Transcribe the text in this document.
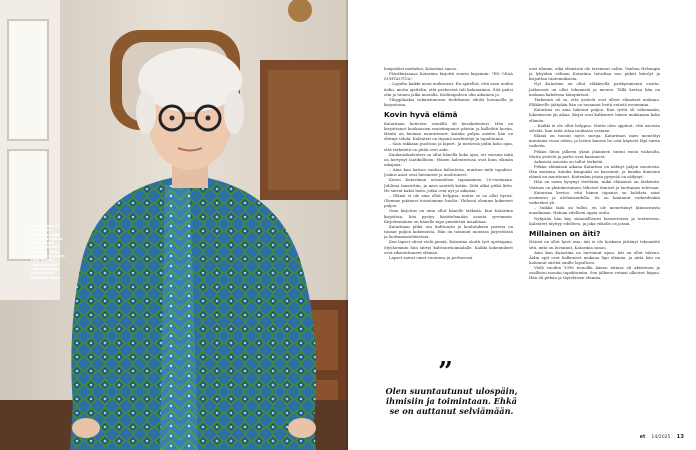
• 1960-luku oli yhdeksän ikävuoden ajan hänellä syrjässä. Syntyi myös minulle tärkeä yhdistys, jossa ajat sukupuolisen tasa-arvon. Yhdistyksessä sain asialliset, vaikuttaa ja sääntöjä tehdä.

lempeäksi mieheksi, Katariina sanoo.

Päiväkirjaansa Katariina kirjoitti suurin kirjaimin: "EN OSAA SUHTAUTUA".

– Lopulta kaikki meni mukavasti. En ajatellut, että saan uuden äidin, mutta ajattelin, että perheestä tuli kokonainen. Sitä paitsi olin jo toinen jalka muualla. Koditaipaleen olin aikuinen jo.

Ylioppilaaksi valmistumisen tiedekunta odotti luennoilla ja kirjastossa.

Kovin hyvä elämä

Katariinan kotiväen seinällä oli kuvakalenteri. Hän on kirjoittanut kuukausien muistiinpanot päiviin ja kalleihin kuviin. Häntä on hieman naurattanut: kuinka paljon asioita hän on ehtinyt tehdä. Kalenteri on täynnä merkintöjä ja tapahtumia.

– Sain rakkaan puolison ja lapset. Ja mielessä pidin koko ajan, että tärkeintä on pitää ovet auki.

Kuukausikalenteri on ollut hänellä koko ajan, eri vuosina niitä on kertynyt laatikollinen. Hänen kalenterinsa ovat kuin elämän aikajana.

– Aina kun katson vanhaa kalenteria, muistan mitä tapahtui. Joskus asiat ovat hävinneet ja unohtuneet.

Kuten Katariinan aviomiehen tapaaminen 20-vuotiaana. Juhlissa tanssittiin, ja mies saatteli kotiin. Siitä alkoi pitkä liitto. He saivat kaksi lasta, jotka ovat nyt jo aikuisia.

– Elämä ei ole aina ollut helppoa, mutta se on ollut hyvää. Olemme pitäneet toisistamme huolta. Yhdessä olemme kokeneet paljon.

Oma kirjoitus on aina ollut hänelle tärkeää. Kun Katariina kirjoittaa, hän pystyy käsittelemään asioita syvemmin. Kirjoittaminen on hänelle tapa ymmärtää maailmaa.

Katariinan pitkä ura kulttuurin ja koulutuksen parissa on tuonut paljon kokemusta. Hän on toiminut monissa järjestöissä ja luottamustehtävissä.

Kun lapset olivat vielä pieniä, Katariina aloitti työt opettajana. Myöhemmin hän siirtyi kulttuuritoimialalle. Kaikki kokemukset ovat rikastuttaneet elämää.

Lapset saivat omat vuorensa ja perheensä.

”
Olen suuntautunut ulospäin, ihmisiin ja toimintaan. Ehkä se on auttanut selviämään.

uusi tilanne, eikä elämässä ole tarvinnut valita. Vanhan Helsingin ja lyhyiden välinen Katariina taivaltaa nuo pitkät kävelyt ja kirjoittaa tuntemuksista.

Nyt Katariina on ollut eläkkeellä parikymmentä vuotta. Jatkuvasti on ollut tekemistä ja menoa. Tällä kertaa hän on mukana kahdessa lukupiirissä.

Tärkeintä oli se, että ystävät ovat olleet elämässä mukana. Eläkkeelle jäätyään hän on tavannut heitä entistä useammin.

Katariina on aina lukenut paljon. Kun työtä oli vähemmän, lukemiseen jäi aikaa. Kirjat ovat kulkeneet hänen mukanaan koko elämän.

– Kaikki ei ole ollut helppoa. Mutta olen oppinut, että asioista selviää, kun niitä ottaa rauhassa vastaan.

Elämä on tuonut myös suruja. Katariinan mies menehtyi muutama vuosi sitten, ja lasten kanssa he ovat käyneet läpi surun vaiheita.

Pitkän liiton jälkeen yksin jääminen tuntui ensin vaikealta. Mutta ystävät ja perhe ovat kantaneet.

Arkisista asioista on tullut tärkeitä.

Pitkän elämänsä aikana Katariina on nähnyt paljon muutosta. Hän muistaa, kuinka kaupunki on kasvanut, ja kuinka ihmisten elämä on muuttunut. Kuitenkin jotain pysyvää on säilynyt.

Hän on usein kysynyt itseltään, mikä elämässä on tärkeintä. Vastaus on yksinkertainen: läheiset ihmiset ja luottamus tulevaan.

Katariina kertoo, että hänen tapansa on kohdata asiat avoimesti ja uteliaisuudella. Se on kantanut vaikeidenkin vaiheiden yli.

– Vaikka ikää on tullut, en ole menettänyt kiinnostusta maailmaan. Haluan edelleen oppia uutta.

Nykyään hän käy säännöllisesti konserteissa ja teatterissa. Kalenteri täyttyy edelleen, ja joka viikolle on jotain.

Millainen on äiti?

Näissä on ollut hyvä asia: äiti ei ole koskaan jättänyt tekemättä sitä, mitä on luvannut, Katariina sanoo.

Aina kun Katariina on tarvinnut apua, äiti on ollut tukena. Äidin opit ovat kulkeneet mukana läpi elämän, ja niitä hän on halunnut siirtää omille lapsilleen.

Vielä vuoden 1996 tienoilla hänen äitinsä oli aktiivinen ja osallistui moniin tapahtumiin. Sen jälkeen voimat alkoivat hiipua. Hän eli pitkän ja täyteläisen elämän.

et 14/2025 13
